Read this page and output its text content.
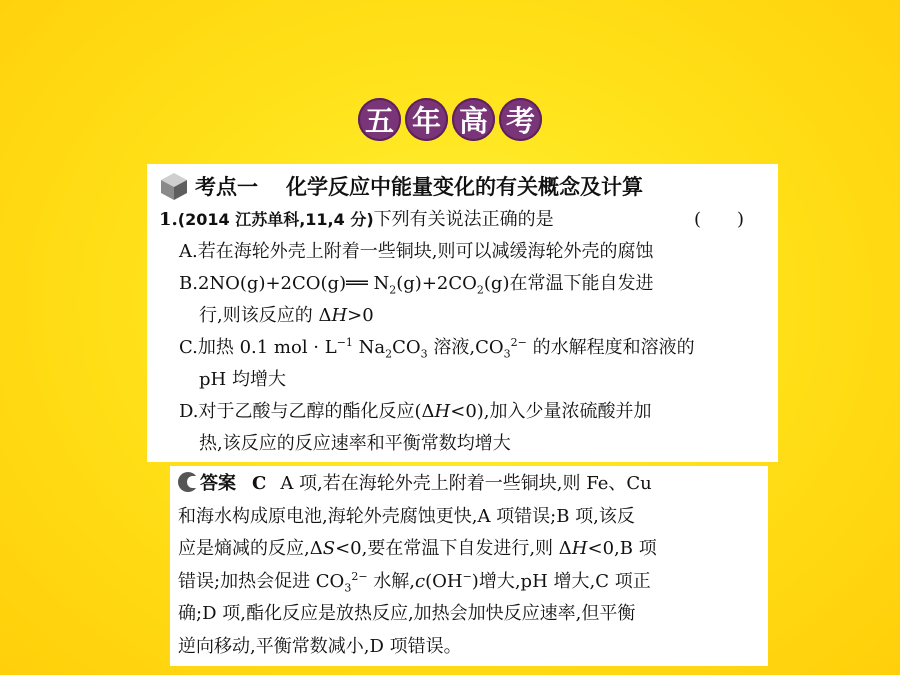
五 年 高 考
考点一 化学反应中能量变化的有关概念及计算
1.(2014 江苏单科,11,4 分)下列有关说法正确的是	(　　)
A.若在海轮外壳上附着一些铜块,则可以减缓海轮外壳的腐蚀
B.2NO(g)+2CO(g)══ $N_2(g)+2CO_2(g)$在常温下能自发进
行,则该反应的 ΔH>0
C.加热 0.1 mol · $L^{-1}$ $Na_2CO_3$ 溶液$,CO_3^{2-}$ 的水解程度和溶液的
pH 均增大
D.对于乙酸与乙醇的酯化反应(ΔH<0),加入少量浓硫酸并加
热,该反应的反应速率和平衡常数均增大
答案 C A 项,若在海轮外壳上附着一些铜块,则 Fe、Cu
和海水构成原电池,海轮外壳腐蚀更快,A 项错误;B 项,该反
应是熵减的反应,ΔS<0,要在常温下自发进行,则 ΔH<0,B 项
错误;加热会促进 $CO_3^{2-}$ 水解,c(OH−)增大,pH 增大,C 项正
确;D 项,酯化反应是放热反应,加热会加快反应速率,但平衡
逆向移动,平衡常数减小,D 项错误。
